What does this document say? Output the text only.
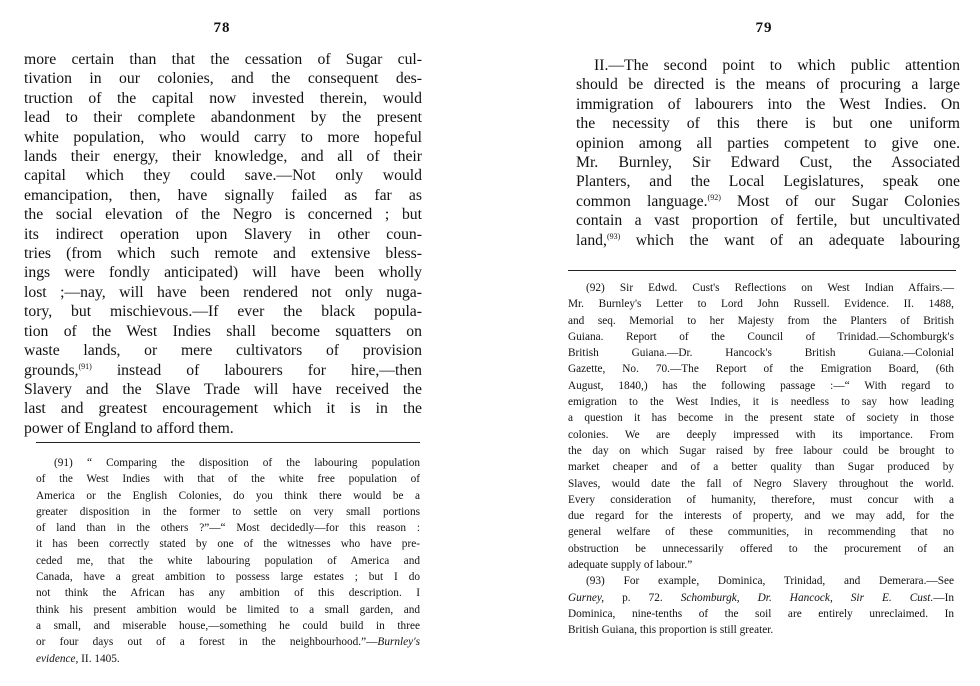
78
more certain than that the cessation of Sugar cul-
tivation in our colonies, and the consequent des-
truction of the capital now invested therein, would
lead to their complete abandonment by the present
white population, who would carry to more hopeful
lands their energy, their knowledge, and all of their
capital which they could save.—Not only would
emancipation, then, have signally failed as far as
the social elevation of the Negro is concerned ; but
its indirect operation upon Slavery in other coun-
tries (from which such remote and extensive bless-
ings were fondly anticipated) will have been wholly
lost ;—nay, will have been rendered not only nuga-
tory, but mischievous.—If ever the black popula-
tion of the West Indies shall become squatters on
waste lands, or mere cultivators of provision
grounds,$^{(91)}$ instead of labourers for hire,—then
Slavery and the Slave Trade will have received the
last and greatest encouragement which it is in the
power of England to afford them.
(91) “ Comparing the disposition of the labouring population
of the West Indies with that of the white free population of
America or the English Colonies, do you think there would be a
greater disposition in the former to settle on very small portions
of land than in the others ?”—“ Most decidedly—for this reason :
it has been correctly stated by one of the witnesses who have pre-
ceded me, that the white labouring population of America and
Canada, have a great ambition to possess large estates ; but I do
not think the African has any ambition of this description. I
think his present ambition would be limited to a small garden, and
a small, and miserable house,—something he could build in three
or four days out of a forest in the neighbourhood.”—Burnley's
evidence, II. 1405.
79
II.—The second point to which public attention
should be directed is the means of procuring a large
immigration of labourers into the West Indies. On
the necessity of this there is but one uniform
opinion among all parties competent to give one.
Mr. Burnley, Sir Edward Cust, the Associated
Planters, and the Local Legislatures, speak one
common language.$^{(92)}$ Most of our Sugar Colonies
contain a vast proportion of fertile, but uncultivated
land,$^{(93)}$ which the want of an adequate labouring
(92) Sir Edwd. Cust's Reflections on West Indian Affairs.—
Mr. Burnley's Letter to Lord John Russell. Evidence. II. 1488,
and seq. Memorial to her Majesty from the Planters of British
Guiana. Report of the Council of Trinidad.—Schomburgk's
British Guiana.—Dr. Hancock's British Guiana.—Colonial
Gazette, No. 70.—The Report of the Emigration Board, (6th
August, 1840,) has the following passage :—“ With regard to
emigration to the West Indies, it is needless to say how leading
a question it has become in the present state of society in those
colonies. We are deeply impressed with its importance. From
the day on which Sugar raised by free labour could be brought to
market cheaper and of a better quality than Sugar produced by
Slaves, would date the fall of Negro Slavery throughout the world.
Every consideration of humanity, therefore, must concur with a
due regard for the interests of property, and we may add, for the
general welfare of these communities, in recommending that no
obstruction be unnecessarily offered to the procurement of an
adequate supply of labour.”
(93) For example, Dominica, Trinidad, and Demerara.—See
Gurney, p. 72. Schomburgk, Dr. Hancock, Sir E. Cust.—In
Dominica, nine-tenths of the soil are entirely unreclaimed. In
British Guiana, this proportion is still greater.
